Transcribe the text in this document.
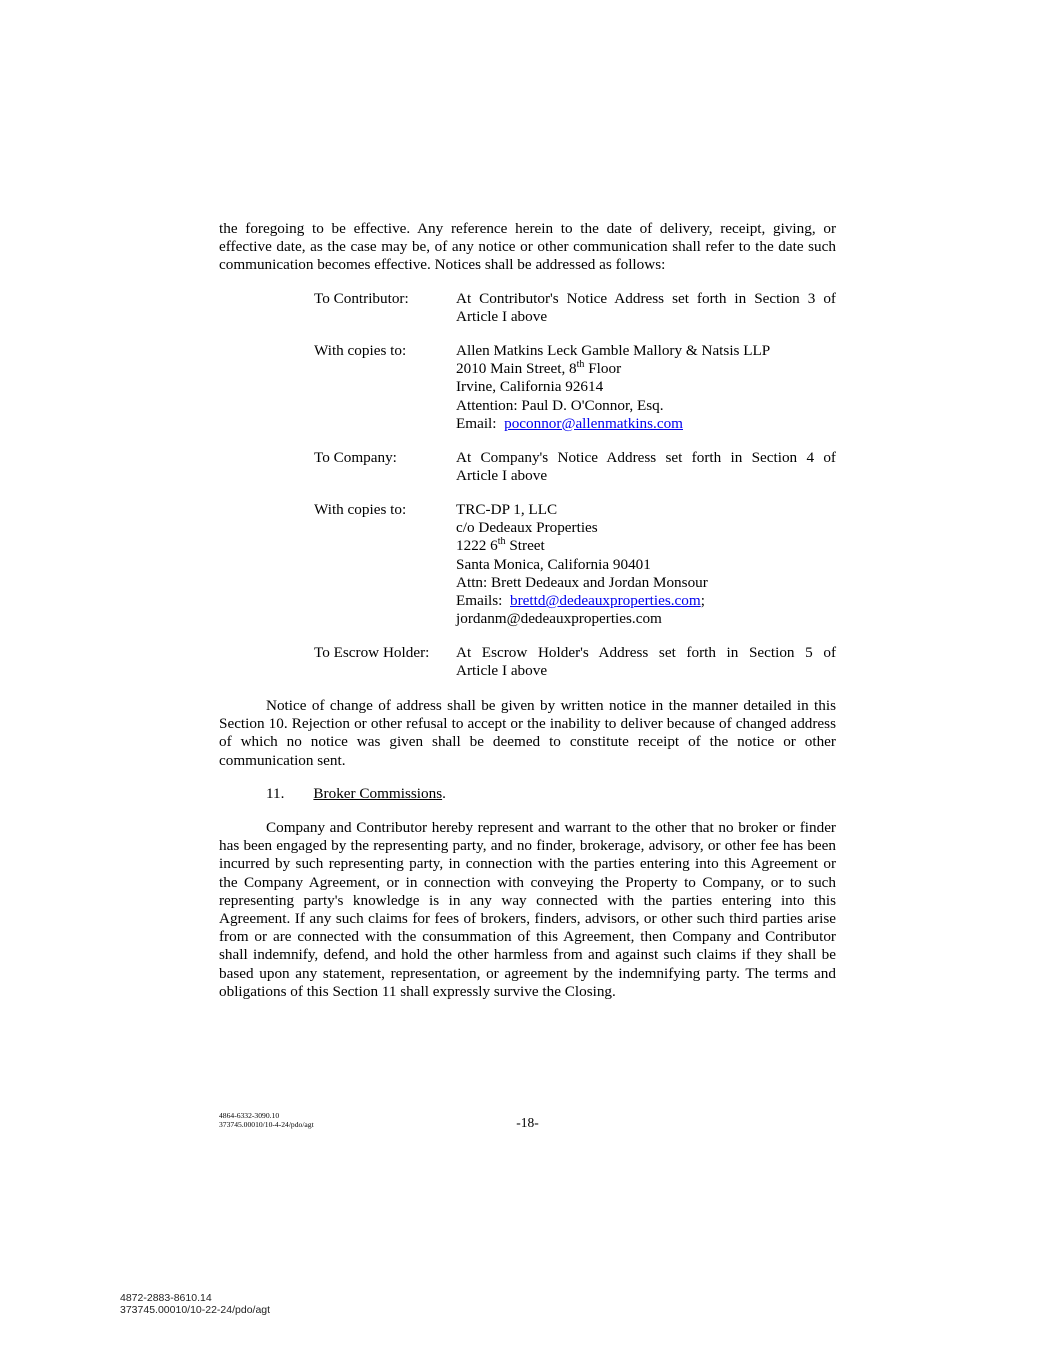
the foregoing to be effective. Any reference herein to the date of delivery, receipt, giving, or
effective date, as the case may be, of any notice or other communication shall refer to the date such
communication becomes effective. Notices shall be addressed as follows:
To Contributor:	At Contributor's Notice Address set forth in Section 3 of
Article I above
With copies to:	Allen Matkins Leck Gamble Mallory & Natsis LLP
2010 Main Street, 8th Floor
Irvine, California 92614
Attention: Paul D. O'Connor, Esq.
Email:  poconnor@allenmatkins.com
To Company:	At Company's Notice Address set forth in Section 4 of
Article I above
With copies to:	TRC-DP 1, LLC
c/o Dedeaux Properties
1222 6th Street
Santa Monica, California 90401
Attn: Brett Dedeaux and Jordan Monsour
Emails:  brettd@dedeauxproperties.com;
jordanm@dedeauxproperties.com
To Escrow Holder:	At Escrow Holder's Address set forth in Section 5 of
Article I above
Notice of change of address shall be given by written notice in the manner detailed in this Section 10. Rejection or other refusal to accept or the inability to deliver because of changed address of which no notice was given shall be deemed to constitute receipt of the notice or other communication sent.
11. Broker Commissions.
Company and Contributor hereby represent and warrant to the other that no broker or finder has been engaged by the representing party, and no finder, brokerage, advisory, or other fee has been incurred by such representing party, in connection with the parties entering into this Agreement or the Company Agreement, or in connection with conveying the Property to Company, or to such representing party's knowledge is in any way connected with the parties entering into this Agreement. If any such claims for fees of brokers, finders, advisors, or other such third parties arise from or are connected with the consummation of this Agreement, then Company and Contributor shall indemnify, defend, and hold the other harmless from and against such claims if they shall be based upon any statement, representation, or agreement by the indemnifying party. The terms and obligations of this Section 11 shall expressly survive the Closing.
4864-6332-3090.10
373745.00010/10-4-24/pdo/agt	-18-
4872-2883-8610.14
373745.00010/10-22-24/pdo/agt
